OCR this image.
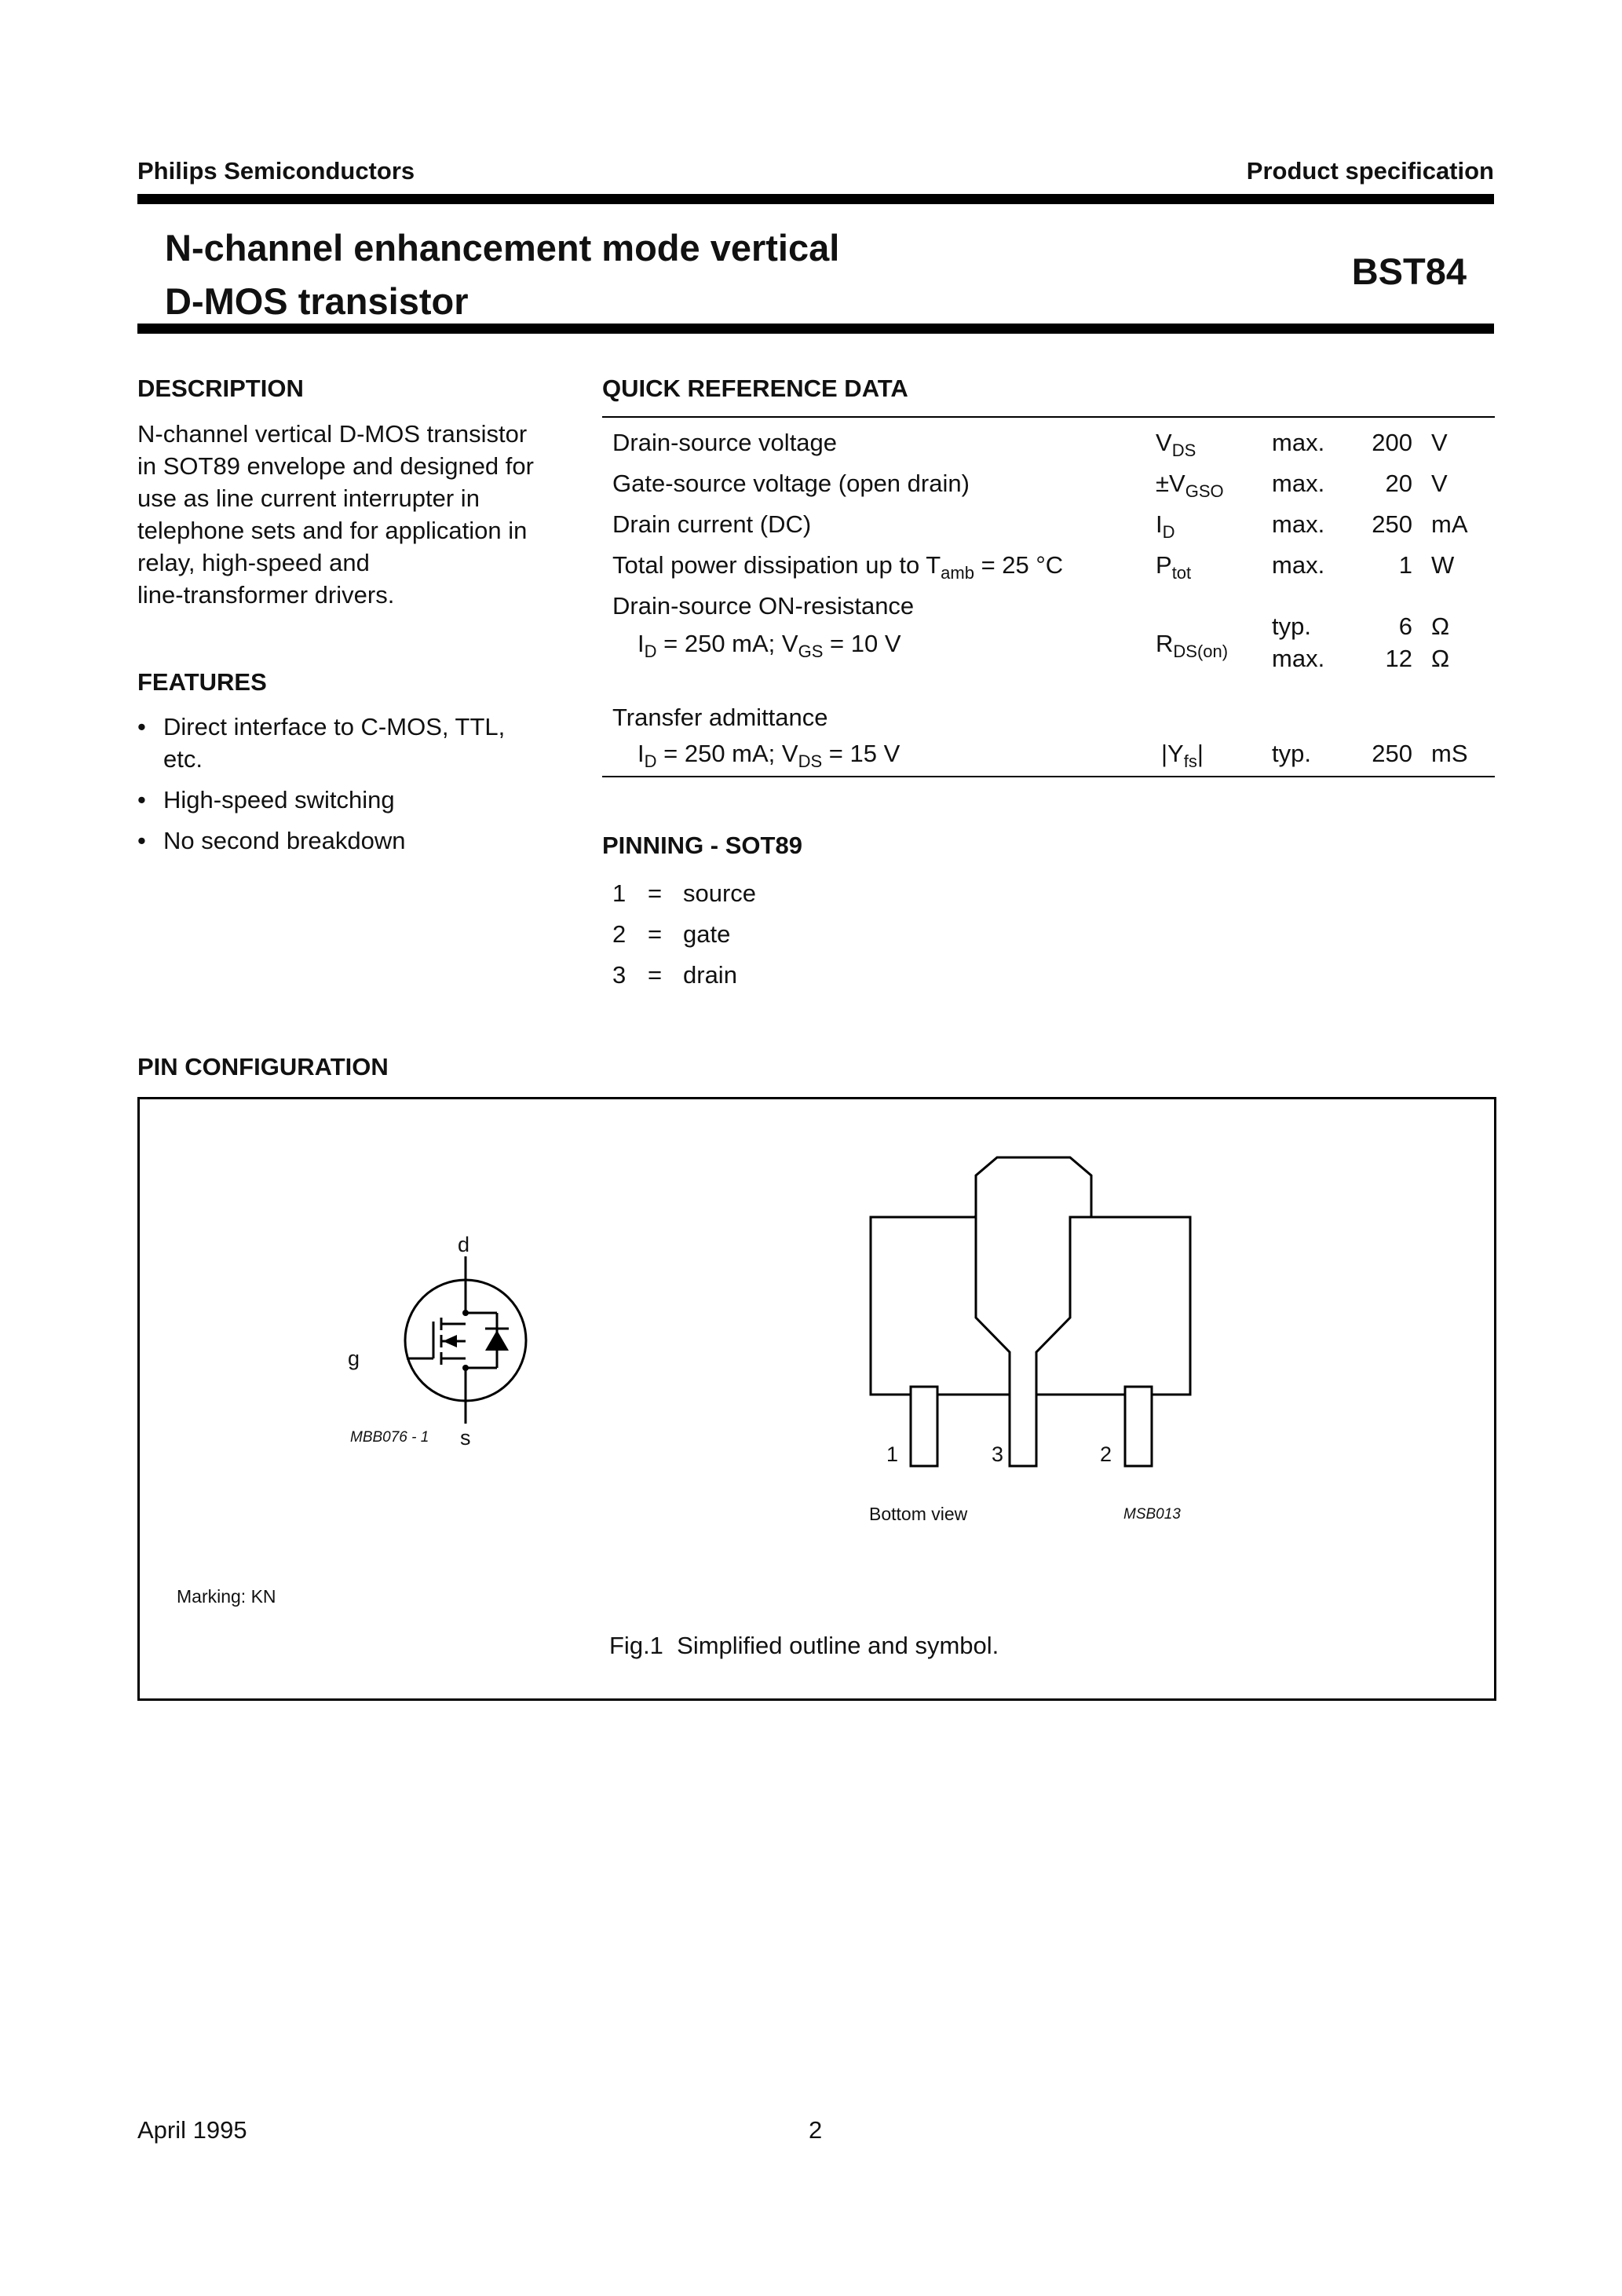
Philips Semiconductors	Product specification
N-channel enhancement mode vertical
D-MOS transistor
BST84
DESCRIPTION
N-channel vertical D-MOS transistor
in SOT89 envelope and designed for
use as line current interrupter in
telephone sets and for application in
relay, high-speed and
line-transformer drivers.
FEATURES
• Direct interface to C-MOS, TTL, etc.
• High-speed switching
• No second breakdown
QUICK REFERENCE DATA
Drain-source voltage	$V_{DS}$	max. 200 V
Gate-source voltage (open drain)	$\pm V_{GSO}$ max. 20 V
Drain current (DC)	$I_D$	max. 250 mA
Total power dissipation up to $T_{amb} = 25$ °C	$P_{tot}$	max.	1 W
Drain-source ON-resistance
$I_D = 250$ mA; $V_{GS} = 10$ V	$R_{DS(on)}$
typ.	6 Ω
max. 12 Ω
Transfer admittance
$I_D = 250$ mA; $V_{DS} = 15$ V	$|Y_{fs}|$	typ. 250 mS
PINNING - SOT89
1 = source
2 = gate
3 = drain
PIN CONFIGURATION
d
g
s
MBB076 - 1
1	3	2
Bottom view	MSB013
Marking: KN
Fig.1  Simplified outline and symbol.
April 1995	2
